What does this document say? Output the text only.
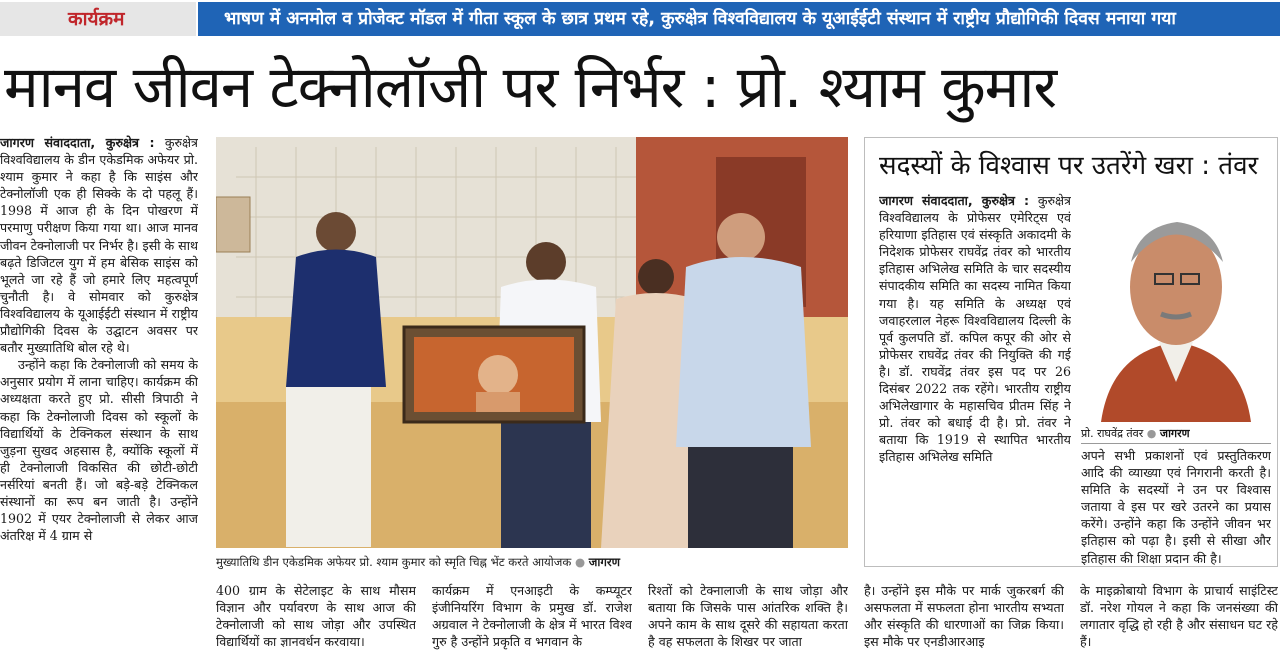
कार्यक्रम	भाषण में अनमोल व प्रोजेक्ट मॉडल में गीता स्कूल के छात्र प्रथम रहे, कुरुक्षेत्र विश्वविद्यालय के यूआईईटी संस्थान में राष्ट्रीय प्रौद्योगिकी दिवस मनाया गया
मानव जीवन टेक्नोलॉजी पर निर्भर : प्रो. श्याम कुमार

जागरण संवाददाता, कुरुक्षेत्र : कुरुक्षेत्र विश्वविद्यालय के डीन एकेडमिक अफेयर प्रो. श्याम कुमार ने कहा है कि साइंस और टेक्नोलॉजी एक ही सिक्के के दो पहलू हैं। 1998 में आज ही के दिन पोखरण में परमाणु परीक्षण किया गया था। आज मानव जीवन टेक्नोलाजी पर निर्भर है। इसी के साथ बढ़ते डिजिटल युग में हम बेसिक साइंस को भूलते जा रहे हैं जो हमारे लिए महत्वपूर्ण चुनौती है। वे सोमवार को कुरुक्षेत्र विश्वविद्यालय के यूआईईटी संस्थान में राष्ट्रीय प्रौद्योगिकी दिवस के उद्घाटन अवसर पर बतौर मुख्यातिथि बोल रहे थे।

उन्होंने कहा कि टेक्नोलाजी को समय के अनुसार प्रयोग में लाना चाहिए। कार्यक्रम की अध्यक्षता करते हुए प्रो. सीसी त्रिपाठी ने कहा कि टेक्नोलाजी दिवस को स्कूलों के विद्यार्थियों के टेक्निकल संस्थान के साथ जुड़ना सुखद अहसास है, क्योंकि स्कूलों में ही टेक्नोलाजी विकसित की छोटी-छोटी नर्सरियां बनती हैं। जो बड़े-बड़े टेक्निकल संस्थानों का रूप बन जाती है। उन्होंने 1902 में एयर टेक्नोलाजी से लेकर आज अंतरिक्ष में 4 ग्राम से

मुख्यातिथि डीन एकेडमिक अफेयर प्रो. श्याम कुमार को स्मृति चिह्न भेंट करते आयोजक ● जागरण

400 ग्राम के सेटेलाइट के साथ मौसम विज्ञान और पर्यावरण के साथ आज की टेक्नोलाजी को साथ जोड़ा और उपस्थित विद्यार्थियों का ज्ञानवर्धन करवाया।

कार्यक्रम में एनआइटी के कम्प्यूटर इंजीनियरिंग विभाग के प्रमुख डॉ. राजेश अग्रवाल ने टेक्नोलाजी के क्षेत्र में भारत विश्व गुरु है उन्होंने प्रकृति व भगवान के

रिश्तों को टेक्नालाजी के साथ जोड़ा और बताया कि जिसके पास आंतरिक शक्ति है। अपने काम के साथ दूसरे की सहायता करता है वह सफलता के शिखर पर जाता

है। उन्होंने इस मौके पर मार्क जुकरबर्ग की असफलता में सफलता होना भारतीय सभ्यता और संस्कृति की धारणाओं का जिक्र किया। इस मौके पर एनडीआरआइ

के माइक्रोबायो विभाग के प्राचार्य साइंटिस्ट डॉ. नरेश गोयल ने कहा कि जनसंख्या की लगातार वृद्धि हो रही है और संसाधन घट रहे हैं।

सदस्यों के विश्वास पर उतरेंगे खरा : तंवर

जागरण संवाददाता, कुरुक्षेत्र : कुरुक्षेत्र विश्वविद्यालय के प्रोफेसर एमेरिट्स एवं हरियाणा इतिहास एवं संस्कृति अकादमी के निदेशक प्रोफेसर राघवेंद्र तंवर को भारतीय इतिहास अभिलेख समिति के चार सदस्यीय संपादकीय समिति का सदस्य नामित किया गया है। यह समिति के अध्यक्ष एवं जवाहरलाल नेहरू विश्वविद्यालय दिल्ली के पूर्व कुलपति डॉ. कपिल कपूर की ओर से प्रोफेसर राघवेंद्र तंवर की नियुक्ति की गई है। डॉ. राघवेंद्र तंवर इस पद पर 26 दिसंबर 2022 तक रहेंगे। भारतीय राष्ट्रीय अभिलेखागार के महासचिव प्रीतम सिंह ने प्रो. तंवर को बधाई दी है। प्रो. तंवर ने बताया कि 1919 से स्थापित भारतीय इतिहास अभिलेख समिति

प्रो. राघवेंद्र तंवर ● जागरण

अपने सभी प्रकाशनों एवं प्रस्तुतिकरण आदि की व्याख्या एवं निगरानी करती है। समिति के सदस्यों ने उन पर विश्वास जताया वे इस पर खरे उतरने का प्रयास करेंगे। उन्होंने कहा कि उन्होंने जीवन भर इतिहास को पढ़ा है। इसी से सीखा और इतिहास की शिक्षा प्रदान की है।
